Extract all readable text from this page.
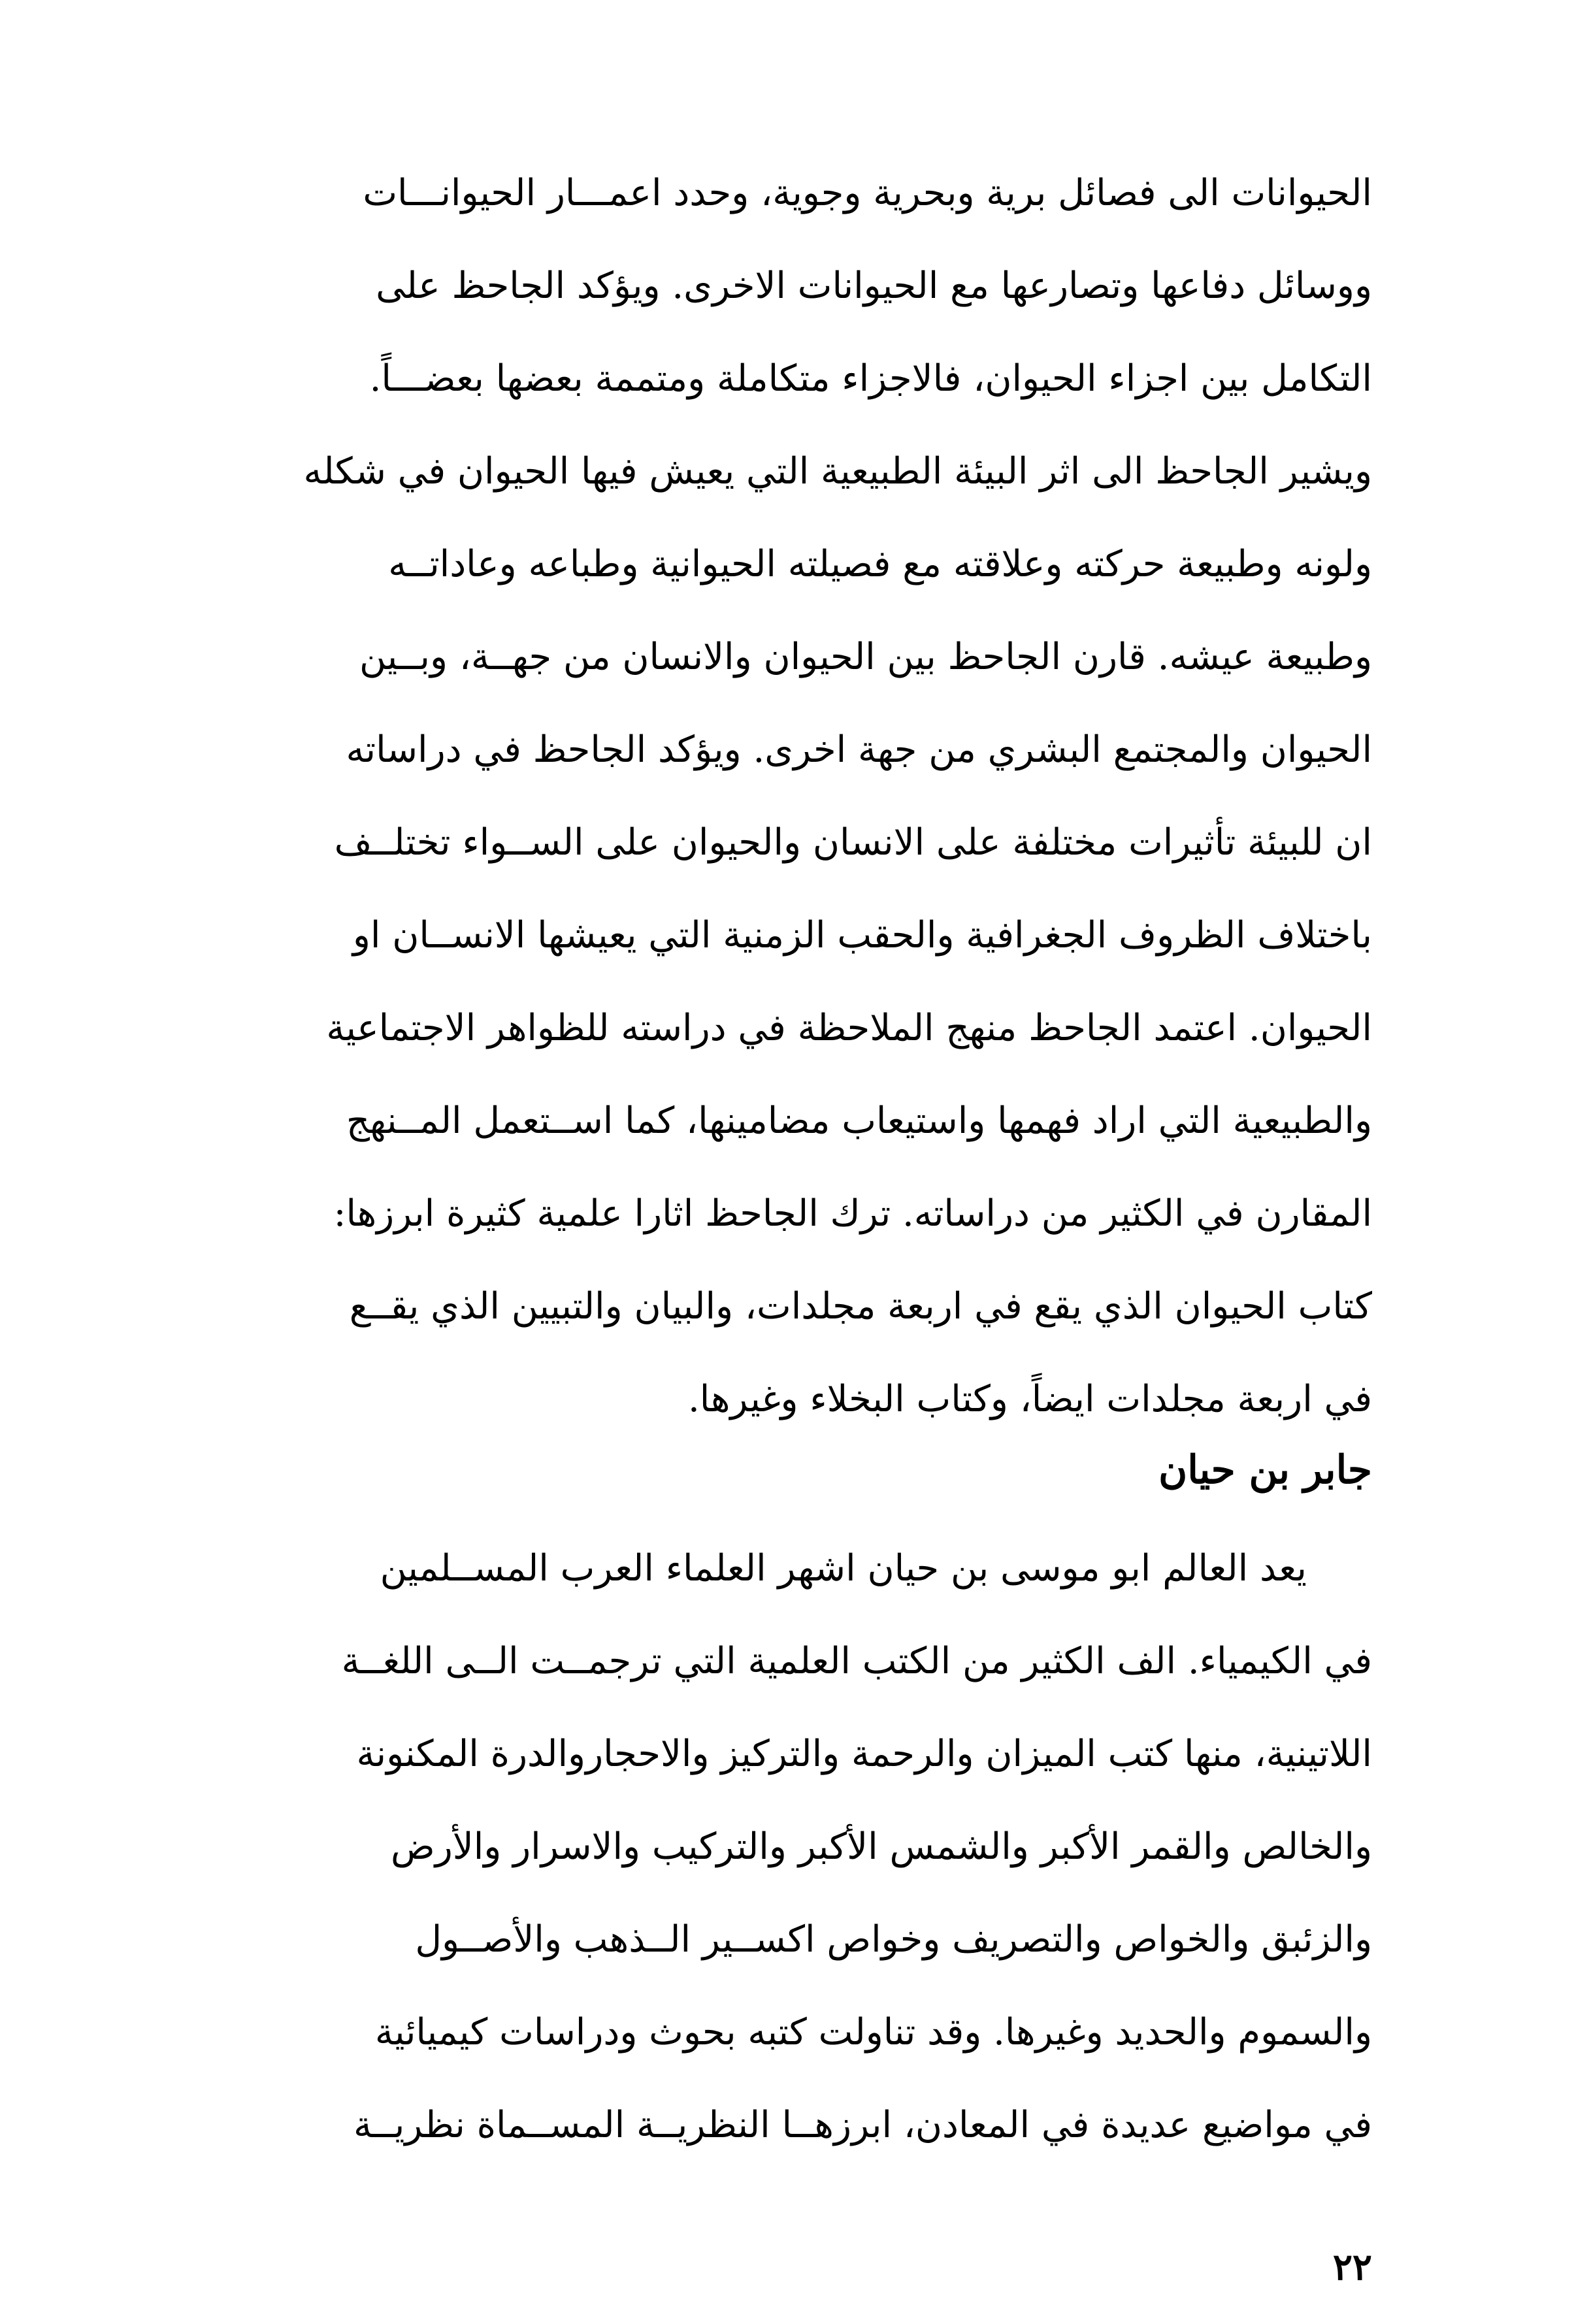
الحيوانات الى فصائل برية وبحرية وجوية، وحدد اعمـــار الحيوانـــات
ووسائل دفاعها وتصارعها مع الحيوانات الاخرى. ويؤكد الجاحظ على
التكامل بين اجزاء الحيوان، فالاجزاء متكاملة ومتممة بعضها بعضـــاً.
ويشير الجاحظ الى اثر البيئة الطبيعية التي يعيش فيها الحيوان في شكله
ولونه وطبيعة حركته وعلاقته مع فصيلته الحيوانية وطباعه وعاداتــه
وطبيعة عيشه. قارن الجاحظ بين الحيوان والانسان من جهــة، وبــين
الحيوان والمجتمع البشري من جهة اخرى. ويؤكد الجاحظ في دراساته
ان للبيئة تأثيرات مختلفة على الانسان والحيوان على الســواء تختلــف
باختلاف الظروف الجغرافية والحقب الزمنية التي يعيشها الانســان او
الحيوان. اعتمد الجاحظ منهج الملاحظة في دراسته للظواهر الاجتماعية
والطبيعية التي اراد فهمها واستيعاب مضامينها، كما اســتعمل المــنهج
المقارن في الكثير من دراساته. ترك الجاحظ اثارا علمية كثيرة ابرزها:
كتاب الحيوان الذي يقع في اربعة مجلدات، والبيان والتبيين الذي يقــع
في اربعة مجلدات ايضاً، وكتاب البخلاء وغيرها.
جابر بن حيان
يعد العالم ابو موسى بن حيان اشهر العلماء العرب المســلمين
في الكيمياء. الف الكثير من الكتب العلمية التي ترجمــت الــى اللغــة
اللاتينية، منها كتب الميزان والرحمة والتركيز والاحجاروالدرة المكنونة
والخالص والقمر الأكبر والشمس الأكبر والتركيب والاسرار والأرض
والزئبق والخواص والتصريف وخواص اكســير الــذهب والأصــول
والسموم والحديد وغيرها. وقد تناولت كتبه بحوث ودراسات كيميائية
في مواضيع عديدة في المعادن، ابرزهــا النظريــة المســماة نظريــة
٢٢
